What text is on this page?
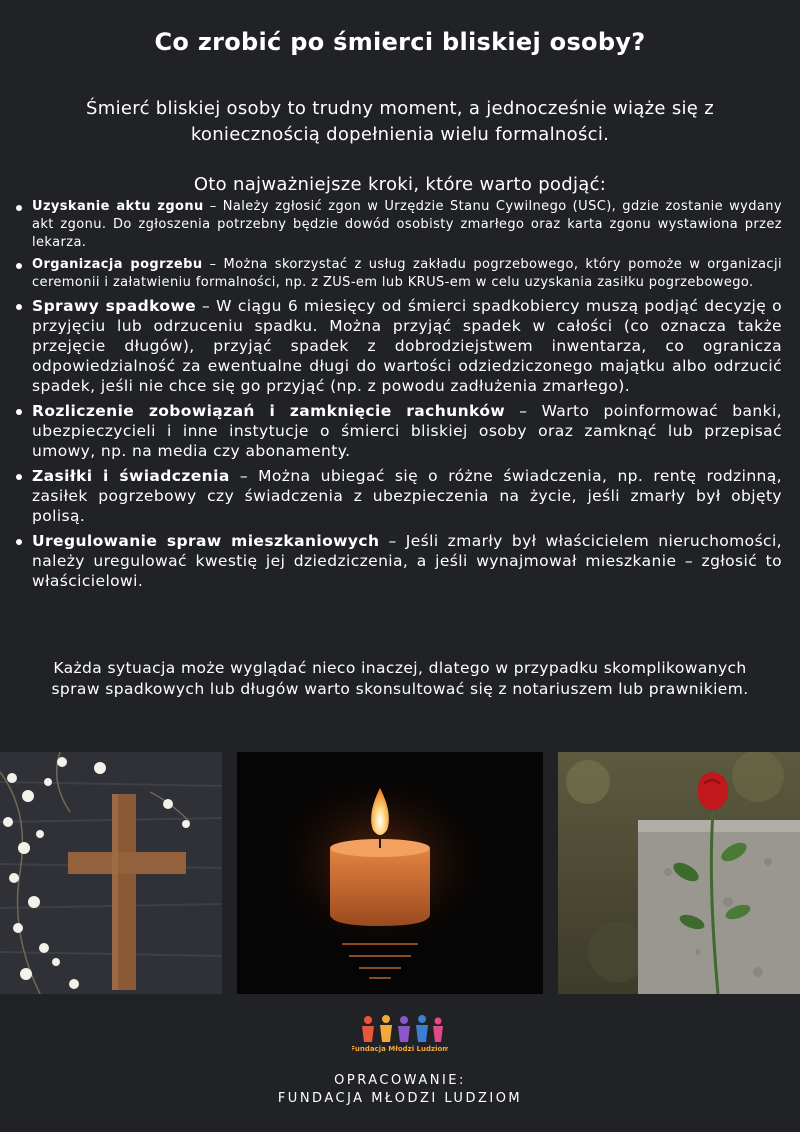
Co zrobić po śmierci bliskiej osoby?
Śmierć bliskiej osoby to trudny moment, a jednocześnie wiąże się z koniecznością dopełnienia wielu formalności.
Oto najważniejsze kroki, które warto podjąć:
Uzyskanie aktu zgonu – Należy zgłosić zgon w Urzędzie Stanu Cywilnego (USC), gdzie zostanie wydany akt zgonu. Do zgłoszenia potrzebny będzie dowód osobisty zmarłego oraz karta zgonu wystawiona przez lekarza.
Organizacja pogrzebu – Można skorzystać z usług zakładu pogrzebowego, który pomoże w organizacji ceremonii i załatwieniu formalności, np. z ZUS-em lub KRUS-em w celu uzyskania zasiłku pogrzebowego.
Sprawy spadkowe – W ciągu 6 miesięcy od śmierci spadkobiercy muszą podjąć decyzję o przyjęciu lub odrzuceniu spadku. Można przyjąć spadek w całości (co oznacza także przejęcie długów), przyjąć spadek z dobrodziejstwem inwentarza, co ogranicza odpowiedzialność za ewentualne długi do wartości odziedziczonego majątku albo odrzucić spadek, jeśli nie chce się go przyjąć (np. z powodu zadłużenia zmarłego).
Rozliczenie zobowiązań i zamknięcie rachunków – Warto poinformować banki, ubezpieczycieli i inne instytucje o śmierci bliskiej osoby oraz zamknąć lub przepisać umowy, np. na media czy abonamenty.
Zasiłki i świadczenia – Można ubiegać się o różne świadczenia, np. rentę rodzinną, zasiłek pogrzebowy czy świadczenia z ubezpieczenia na życie, jeśli zmarły był objęty polisą.
Uregulowanie spraw mieszkaniowych – Jeśli zmarły był właścicielem nieruchomości, należy uregulować kwestię jej dziedziczenia, a jeśli wynajmował mieszkanie – zgłosić to właścicielowi.
Każda sytuacja może wyglądać nieco inaczej, dlatego w przypadku skomplikowanych spraw spadkowych lub długów warto skonsultować się z notariuszem lub prawnikiem.
Fundacja Młodzi Ludziom
OPRACOWANIE:
FUNDACJA MŁODZI LUDZIOM
